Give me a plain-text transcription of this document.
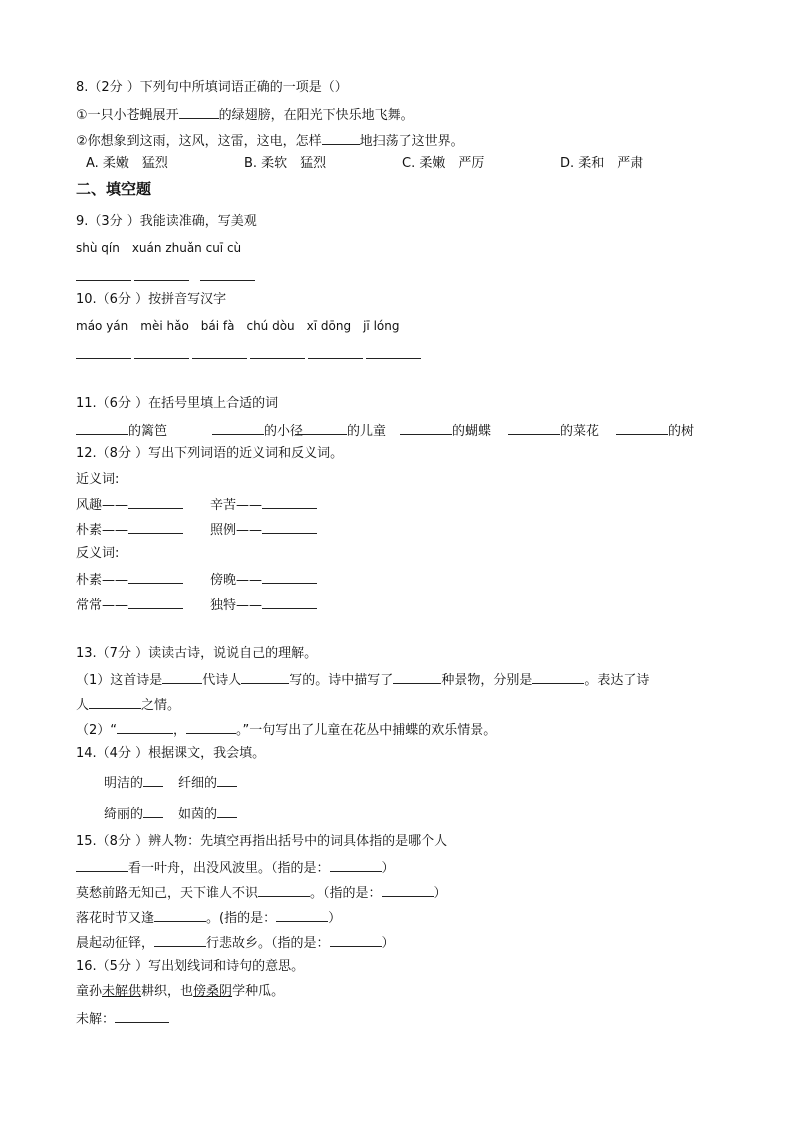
8.（2分 ）下列句中所填词语正确的一项是（）
①一只小苍蝇展开	的绿翅膀，在阳光下快乐地飞舞。
②你想象到这雨，这风，这雷，这电，怎样	地扫荡了这世界。
A. 柔嫩　猛烈	B. 柔软　猛烈	C. 柔嫩　严厉	D. 柔和　严肃
二、填空题
9.（3分 ）我能读准确，写美观
shù qín　xuán zhuǎn cuī cù
10.（6分 ）按拼音写汉字
máo yán　mèi hǎo　bái fà　chú dòu　xī dōng　jī lóng
11.（6分 ）在括号里填上合适的词
的篱笆	的小径	的儿童	的蝴蝶	的菜花	的树
12.（8分 ）写出下列词语的近义词和反义词。
近义词:
风趣——	辛苦——
朴素——	照例——
反义词:
朴素——	傍晚——
常常——	独特——
13.（7分 ）读读古诗，说说自己的理解。
（1）这首诗是	代诗人	写的。诗中描写了	种景物，分别是	。表达了诗
人	之情。
（2）“	，	。”一句写出了儿童在花丛中捕蝶的欢乐情景。
14.（4分 ）根据课文，我会填。
明洁的	纤细的
绮丽的	如茵的
15.（8分 ）辨人物：先填空再指出括号中的词具体指的是哪个人
看一叶舟，出没风波里。（指的是：	）
莫愁前路无知己，天下谁人不识	。（指的是：	）
落花时节又逢	。(指的是：	）
晨起动征铎，	行悲故乡。（指的是：	）
16.（5分 ）写出划线词和诗句的意思。
童孙未解供耕织，也傍桑阴学种瓜。
未解：
